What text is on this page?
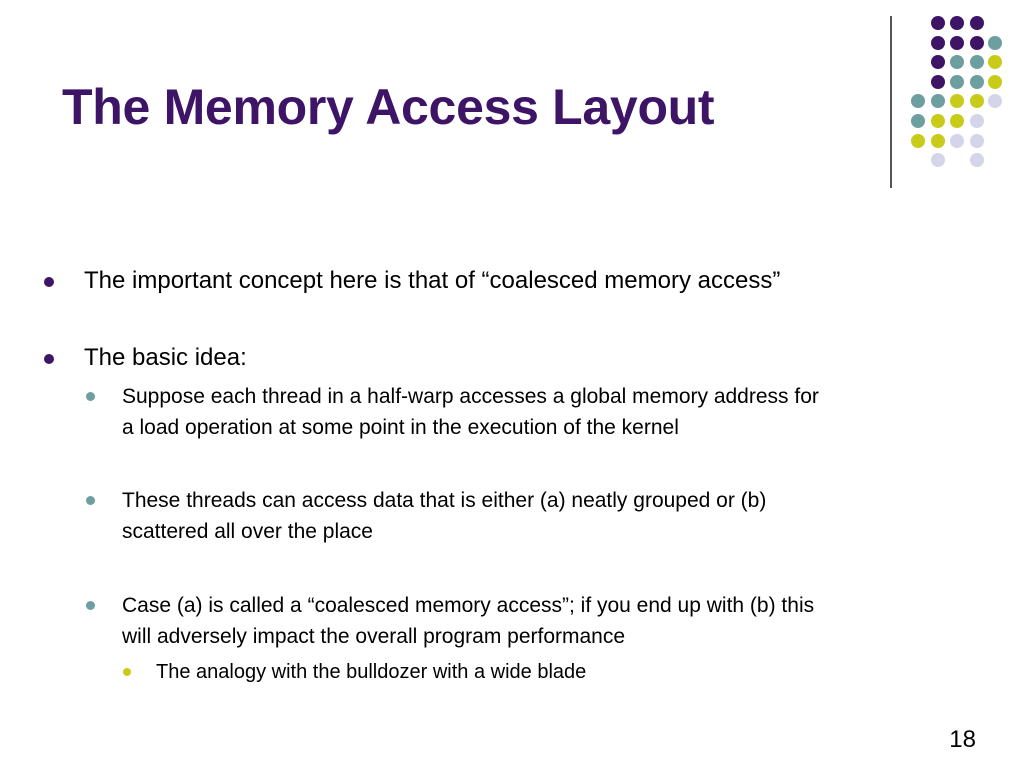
The Memory Access Layout
The important concept here is that of “coalesced memory access”
The basic idea:
Suppose each thread in a half-warp accesses a global memory address for
a load operation at some point in the execution of the kernel
These threads can access data that is either (a) neatly grouped or (b)
scattered all over the place
Case (a) is called a “coalesced memory access”; if you end up with (b) this
will adversely impact the overall program performance
The analogy with the bulldozer with a wide blade
18
